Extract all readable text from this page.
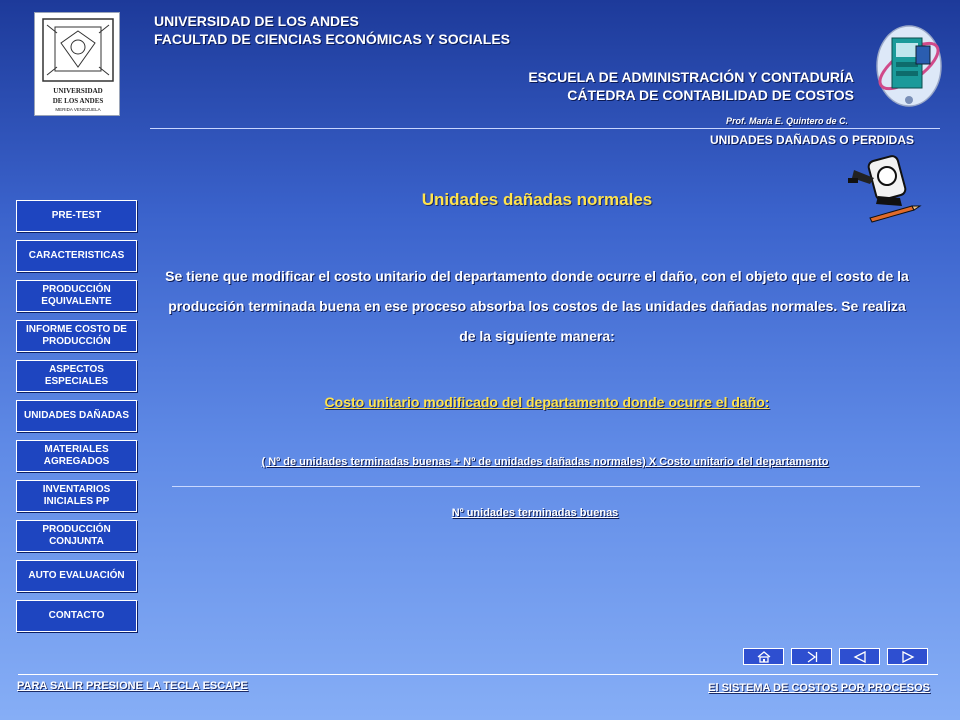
UNIVERSIDAD
DE LOS ANDES
MERIDA VENEZUELA
UNIVERSIDAD DE LOS ANDES
FACULTAD DE CIENCIAS ECONÓMICAS Y SOCIALES
ESCUELA DE ADMINISTRACIÓN Y CONTADURÍA
CÁTEDRA DE CONTABILIDAD DE COSTOS
Prof. María E. Quintero de C.
UNIDADES DAÑADAS O PERDIDAS
PRE-TEST
CARACTERISTICAS
PRODUCCIÓN EQUIVALENTE
INFORME COSTO DE PRODUCCIÓN
ASPECTOS ESPECIALES
UNIDADES DAÑADAS
MATERIALES AGREGADOS
INVENTARIOS INICIALES PP
PRODUCCIÓN CONJUNTA
AUTO EVALUACIÓN
CONTACTO
Unidades dañadas normales
Se tiene que modificar el costo unitario del departamento donde ocurre el daño, con el objeto que el costo de la producción terminada buena en ese proceso absorba los costos de las unidades dañadas normales. Se realiza de la siguiente manera:
Costo unitario modificado del departamento donde ocurre el daño:
( Nº de unidades terminadas buenas + Nº de unidades dañadas normales) X Costo unitario del departamento
Nº unidades terminadas buenas
PARA SALIR PRESIONE LA TECLA ESCAPE	El SISTEMA DE COSTOS POR PROCESOS
